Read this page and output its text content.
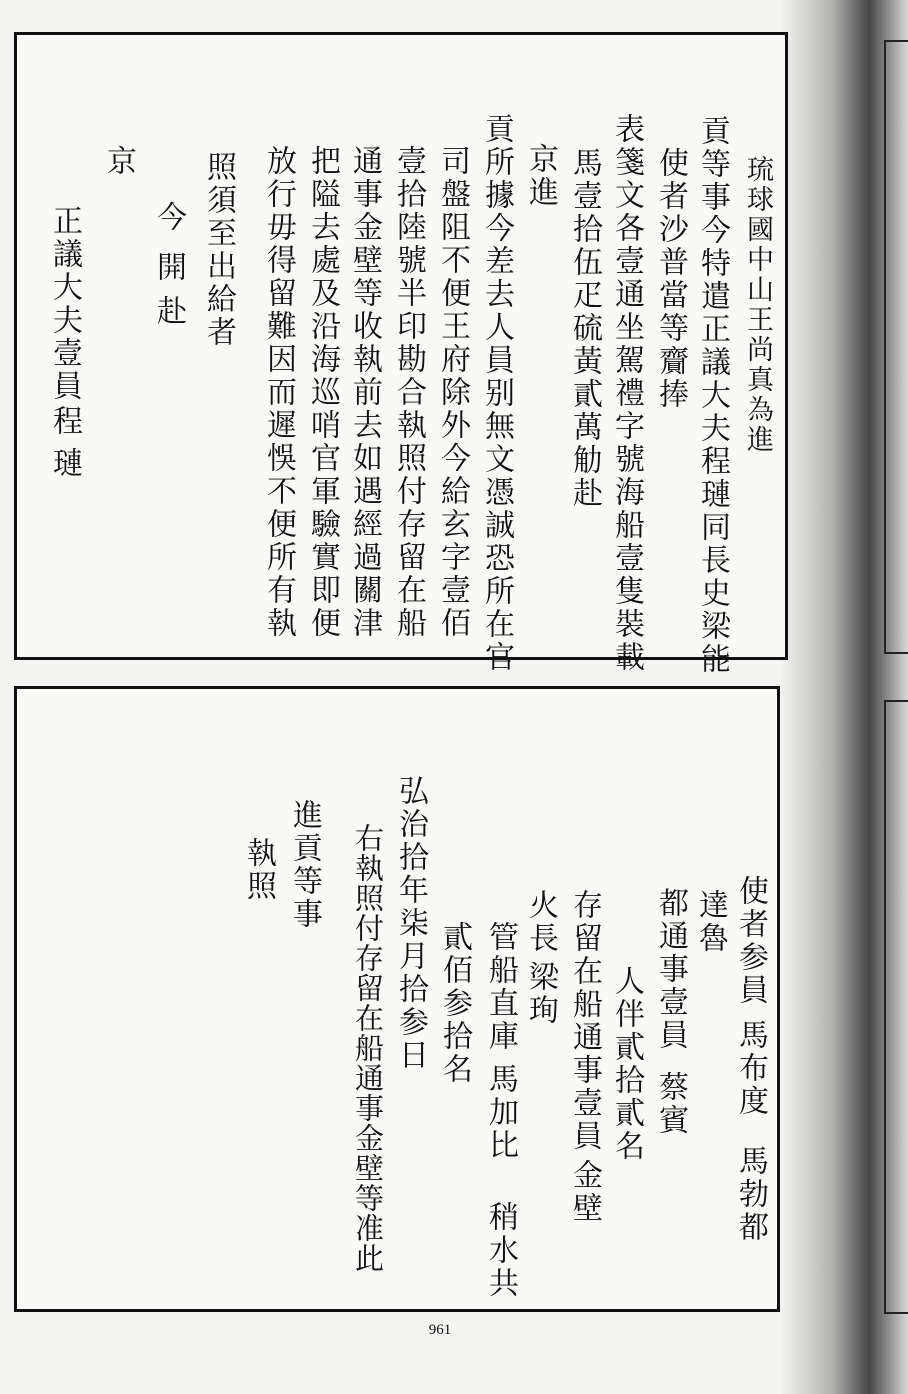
琉球國中山王尚真為進
貢等事今特遣正議大夫程璉同長史梁能
使者沙普當等齎捧
表箋文各壹通坐駕禮字號海船壹隻裝載
馬壹拾伍疋硫黃貳萬觔赴
京進
貢所據今差去人員别無文憑誠恐所在官
司盤阻不便王府除外今給玄字壹佰
壹拾陸號半印勘合執照付存留在船
通事金壁等收執前去如遇經過關津
把隘去處及沿海巡哨官軍驗實即便
放行毋得留難因而遲悞不便所有執
照須至出給者
今開
赴
京
正議大夫壹員
程璉
使者参員
馬布度
馬勃都
達魯
都通事壹員
蔡賓
人伴貳拾貳名
存留在船通事壹員
金壁
火長
梁珣
管船直庫
馬加比
稍水共
貳佰参拾名
弘治拾年柒月拾参日
右執照付存留在船通事金壁等准此
進貢等事
執照
961
